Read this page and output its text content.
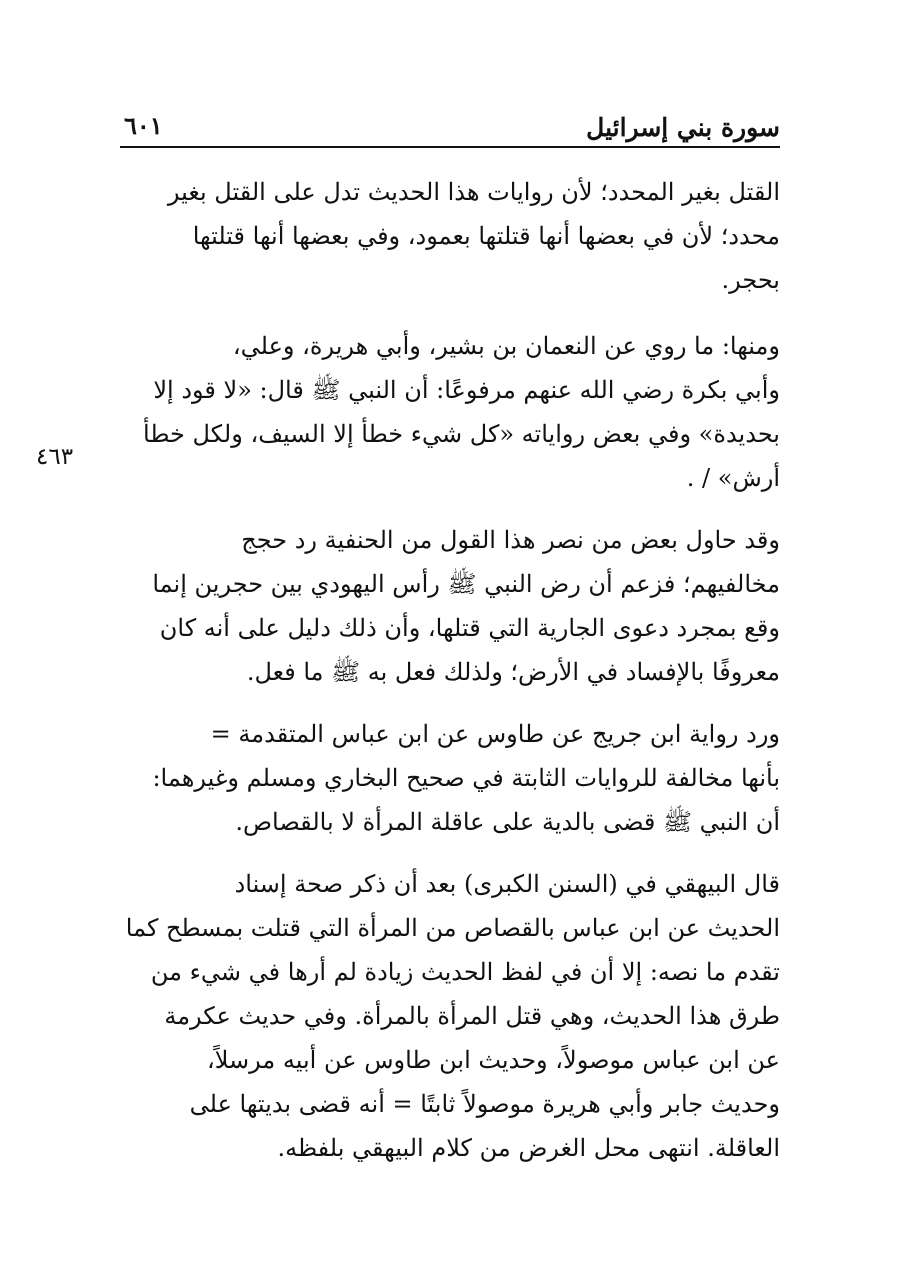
سورة بني إسرائيل
٦٠١
٤٦٣
القتل بغير المحدد؛ لأن روايات هذا الحديث تدل على القتل بغير
محدد؛ لأن في بعضها أنها قتلتها بعمود، وفي بعضها أنها قتلتها
بحجر.
ومنها: ما روي عن النعمان بن بشير، وأبي هريرة، وعلي،
وأبي بكرة رضي الله عنهم مرفوعًا: أن النبي ﷺ قال: «لا قود إلا
بحديدة» وفي بعض رواياته «كل شيء خطأ إلا السيف، ولكل خطأ
أرش» / .
وقد حاول بعض من نصر هذا القول من الحنفية رد حجج
مخالفيهم؛ فزعم أن رض النبي ﷺ رأس اليهودي بين حجرين إنما
وقع بمجرد دعوى الجارية التي قتلها، وأن ذلك دليل على أنه كان
معروفًا بالإفساد في الأرض؛ ولذلك فعل به ﷺ ما فعل.
ورد رواية ابن جريج عن طاوس عن ابن عباس المتقدمة =
بأنها مخالفة للروايات الثابتة في صحيح البخاري ومسلم وغيرهما:
أن النبي ﷺ قضى بالدية على عاقلة المرأة لا بالقصاص.
قال البيهقي في (السنن الكبرى) بعد أن ذكر صحة إسناد
الحديث عن ابن عباس بالقصاص من المرأة التي قتلت بمسطح كما
تقدم ما نصه: إلا أن في لفظ الحديث زيادة لم أرها في شيء من
طرق هذا الحديث، وهي قتل المرأة بالمرأة. وفي حديث عكرمة
عن ابن عباس موصولاً، وحديث ابن طاوس عن أبيه مرسلاً،
وحديث جابر وأبي هريرة موصولاً ثابتًا = أنه قضى بديتها على
العاقلة. انتهى محل الغرض من كلام البيهقي بلفظه.
